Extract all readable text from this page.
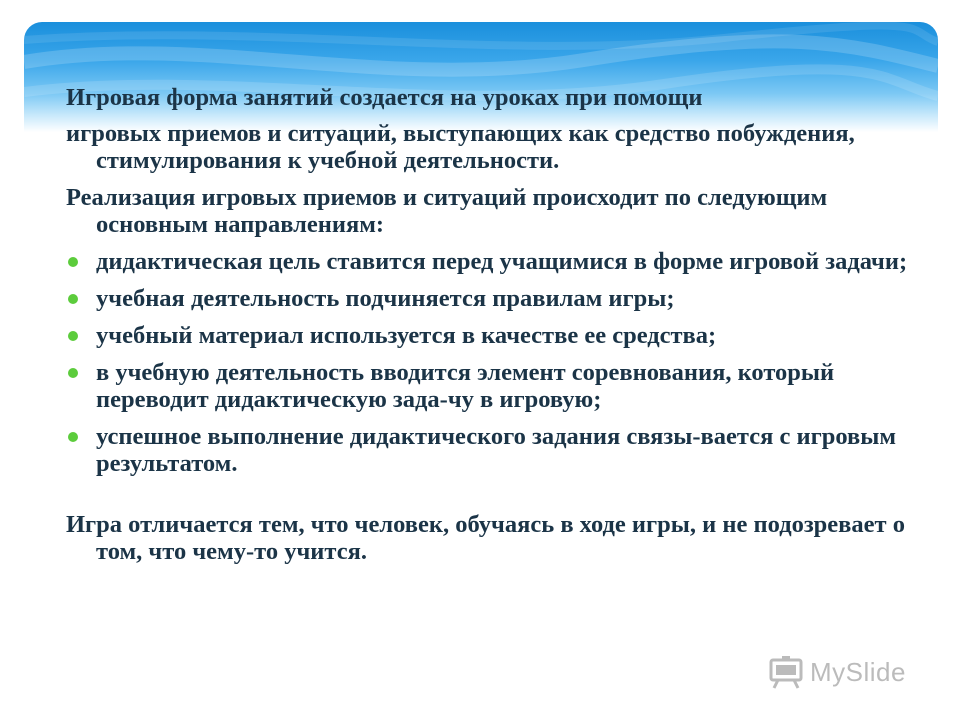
Игровая форма занятий создается на уроках при помощи

игровых приемов и ситуаций, выступающих как средство побуждения, стимулирования к учебной деятельности.

Реализация игровых приемов и ситуаций происходит по следующим основным направлениям:

дидактическая цель ставится перед учащимися в форме игровой задачи;
учебная деятельность подчиняется правилам игры;
учебный материал используется в качестве ее средства;
в учебную деятельность вводится элемент соревнования, который переводит дидактическую зада-чу в игровую;
успешное выполнение дидактического задания связы-вается с игровым результатом.

Игра отличается тем, что человек, обучаясь в ходе игры, и не подозревает о том, что чему-то учится.

MySlide
